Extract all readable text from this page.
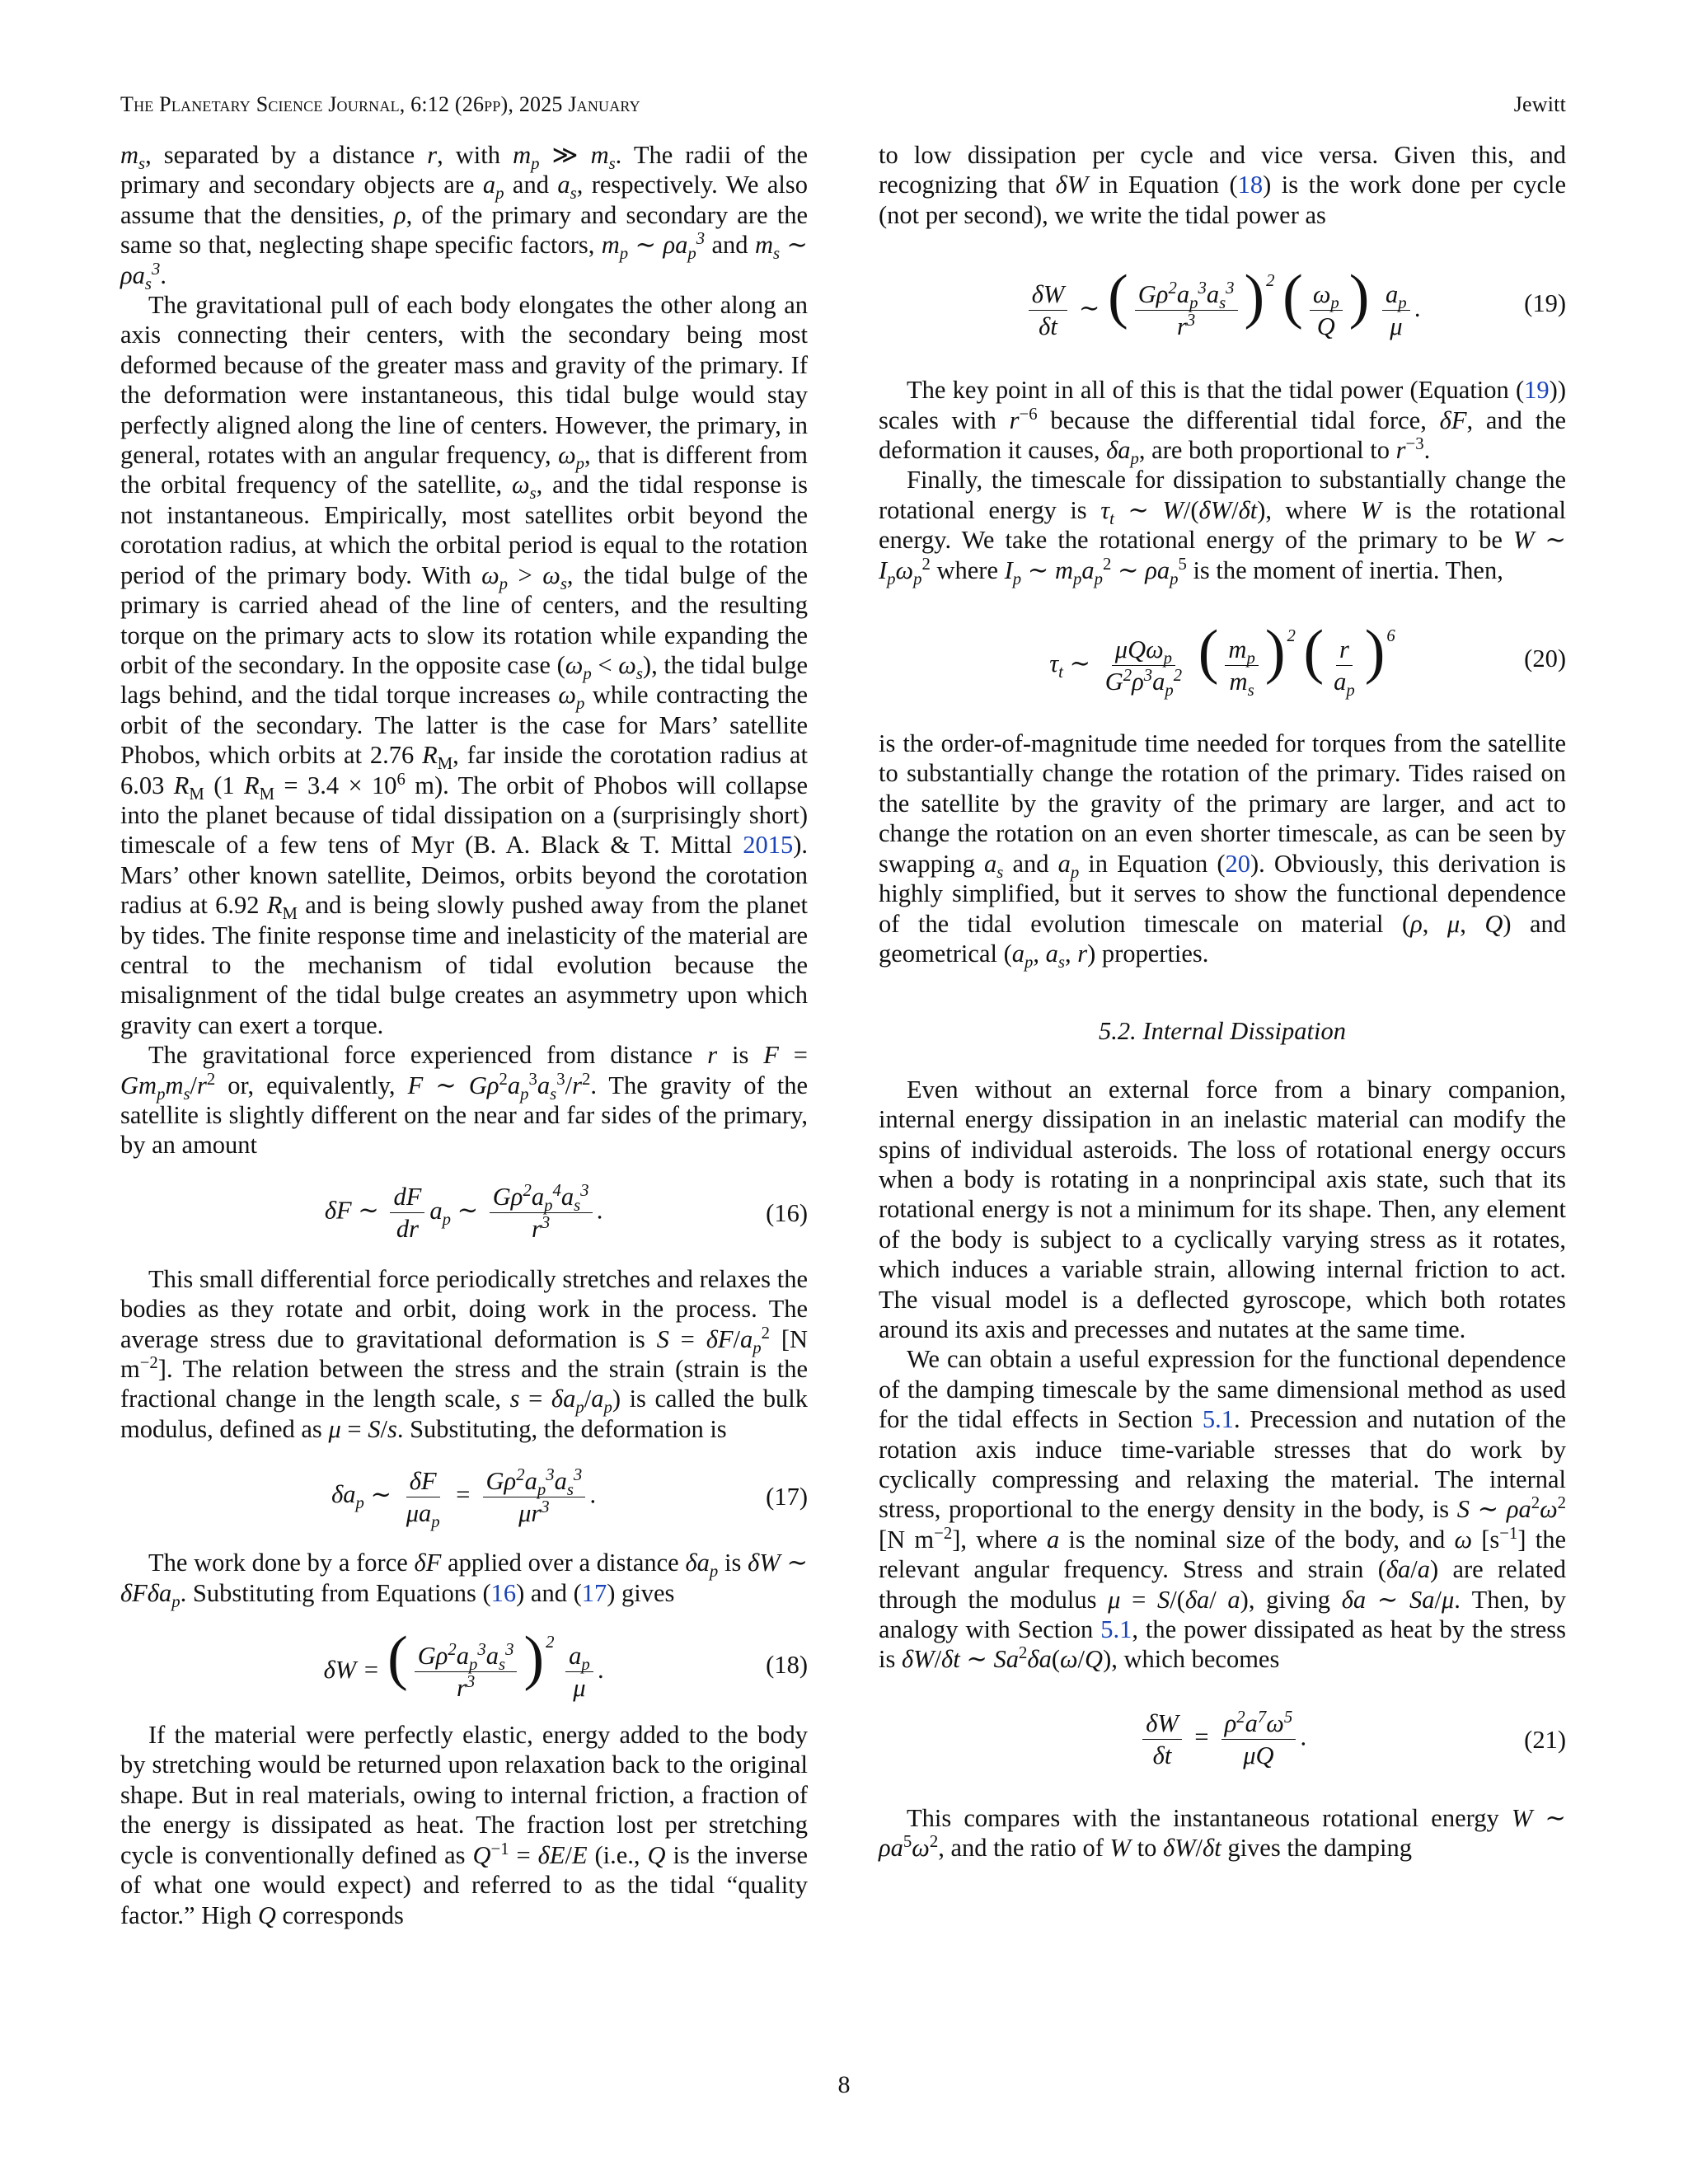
The Planetary Science Journal, 6:12 (26pp), 2025 January	Jewitt

$m_s$, separated by a distance r, with $m_p$ ≫ $m_s$. The radii of the primary and secondary objects are $a_p$ and $a_s$, respectively. We also assume that the densities, ρ, of the primary and secondary are the same so that, neglecting shape specific factors, $m_p$ ∼ $\rho a_p^3$ and $m_s$ ∼ $\rho a_s^3$.

The gravitational pull of each body elongates the other along an axis connecting their centers, with the secondary being most deformed because of the greater mass and gravity of the primary. If the deformation were instantaneous, this tidal bulge would stay perfectly aligned along the line of centers. However, the primary, in general, rotates with an angular frequency, $\omega_p$, that is different from the orbital frequency of the satellite, $\omega_s$, and the tidal response is not instantaneous. Empirically, most satellites orbit beyond the corotation radius, at which the orbital period is equal to the rotation period of the primary body. With $\omega_p > \omega_s$, the tidal bulge of the primary is carried ahead of the line of centers, and the resulting torque on the primary acts to slow its rotation while expanding the orbit of the secondary. In the opposite case $(\omega_p < \omega_s)$, the tidal bulge lags behind, and the tidal torque increases $\omega_p$ while contracting the orbit of the secondary. The latter is the case for Mars’ satellite Phobos, which orbits at 2.76 $R_M$, far inside the corotation radius at 6.03 $R_M$ (1 $R_M = 3.4 \times 10^6$ m). The orbit of Phobos will collapse into the planet because of tidal dissipation on a (surprisingly short) timescale of a few tens of Myr (B. A. Black & T. Mittal 2015). Mars’ other known satellite, Deimos, orbits beyond the corotation radius at 6.92 $R_M$ and is being slowly pushed away from the planet by tides. The finite response time and inelasticity of the material are central to the mechanism of tidal evolution because the misalignment of the tidal bulge creates an asymmetry upon which gravity can exert a torque.

The gravitational force experienced from distance r is $F = Gm_pm_s/r^2$ or, equivalently, F ∼ $G\rho^2a_p^3a_s^3/r^2$. The gravity of the satellite is slightly different on the near and far sides of the primary, by an amount

δF ∼ $\frac{dF}{dr} a_p$ ∼ $\frac{G\rho^2a_p^4a_s^3}{r^3}$ .	(16)

This small differential force periodically stretches and relaxes the bodies as they rotate and orbit, doing work in the process. The average stress due to gravitational deformation is $S = \delta F/a_p^2$ [N $m^{-2}$]. The relation between the stress and the strain (strain is the fractional change in the length scale, $s = \delta a_p/a_p$) is called the bulk modulus, defined as μ = S/s. Substituting, the deformation is

$\delta a_p$ ∼ $\frac{\delta F}{\mu a_p} = \frac{G\rho^2a_p^3a_s^3}{\mu r^3}$ .	(17)

The work done by a force δF applied over a distance $\delta a_p$ is δW ∼ δFδa$_p$. Substituting from Equations (16) and (17) gives

δW = ( $\frac{G\rho^2a_p^3a_s^3}{r^3} )^2 \frac{a_p}{\mu}$ .	(18)

If the material were perfectly elastic, energy added to the body by stretching would be returned upon relaxation back to the original shape. But in real materials, owing to internal friction, a fraction of the energy is dissipated as heat. The fraction lost per stretching cycle is conventionally defined as $Q^{-1} = \delta E/E$ (i.e., Q is the inverse of what one would expect) and referred to as the tidal “quality factor.” High Q corresponds

to low dissipation per cycle and vice versa. Given this, and recognizing that δW in Equation (18) is the work done per cycle (not per second), we write the tidal power as

$\frac{\delta W}{\delta t}$ ∼ ( $\frac{G\rho^2a_p^3a_s^3}{r^3} )^2$ ( $\frac{\omega_p}{Q}$ ) $\frac{a_p}{\mu}$ .	(19)

The key point in all of this is that the tidal power (Equation (19)) scales with $r^{-6}$ because the differential tidal force, δF, and the deformation it causes, $\delta a_p$, are both proportional to $r^{-3}$.

Finally, the timescale for dissipation to substantially change the rotational energy is $\tau_t$ ∼ W/(δW/δt), where W is the rotational energy. We take the rotational energy of the primary to be W ∼ $I_p\omega_p^2$ where $I_p$ ∼ $m_pa_p^2$ ∼ $\rho a_p^5$ is the moment of inertia. Then,

$\tau_t$ ∼ $\frac{\mu Q\omega_p}{G^2\rho^3a_p^2}$ ( $\frac{m_p}{m_s} )^2$ ( $\frac{r}{a_p} )^6$
(20)

is the order-of-magnitude time needed for torques from the satellite to substantially change the rotation of the primary. Tides raised on the satellite by the gravity of the primary are larger, and act to change the rotation on an even shorter timescale, as can be seen by swapping $a_s$ and $a_p$ in Equation (20). Obviously, this derivation is highly simplified, but it serves to show the functional dependence of the tidal evolution timescale on material (ρ, μ, Q) and geometrical ($a_p$, $a_s$, r) properties.

5.2. Internal Dissipation

Even without an external force from a binary companion, internal energy dissipation in an inelastic material can modify the spins of individual asteroids. The loss of rotational energy occurs when a body is rotating in a nonprincipal axis state, such that its rotational energy is not a minimum for its shape. Then, any element of the body is subject to a cyclically varying stress as it rotates, which induces a variable strain, allowing internal friction to act. The visual model is a deflected gyroscope, which both rotates around its axis and precesses and nutates at the same time.

We can obtain a useful expression for the functional dependence of the damping timescale by the same dimensional method as used for the tidal effects in Section 5.1. Precession and nutation of the rotation axis induce time-variable stresses that do work by cyclically compressing and relaxing the material. The internal stress, proportional to the energy density in the body, is S ∼ $\rho a^2\omega^2$ [N $m^{-2}$], where a is the nominal size of the body, and ω $[s^{-1}]$ the relevant angular frequency. Stress and strain (δa/a) are related through the modulus μ = S/(δa/ a), giving δa ∼ Sa/μ. Then, by analogy with Section 5.1, the power dissipated as heat by the stress is δW/δt ∼ Sa$^2$δa(ω/Q), which becomes

$\frac{\delta W}{\delta t} = \frac{\rho^2a^7\omega^5}{\mu Q}$ .	(21)

This compares with the instantaneous rotational energy W ∼ $\rho a^5\omega^2$, and the ratio of W to δW/δt gives the damping

8
